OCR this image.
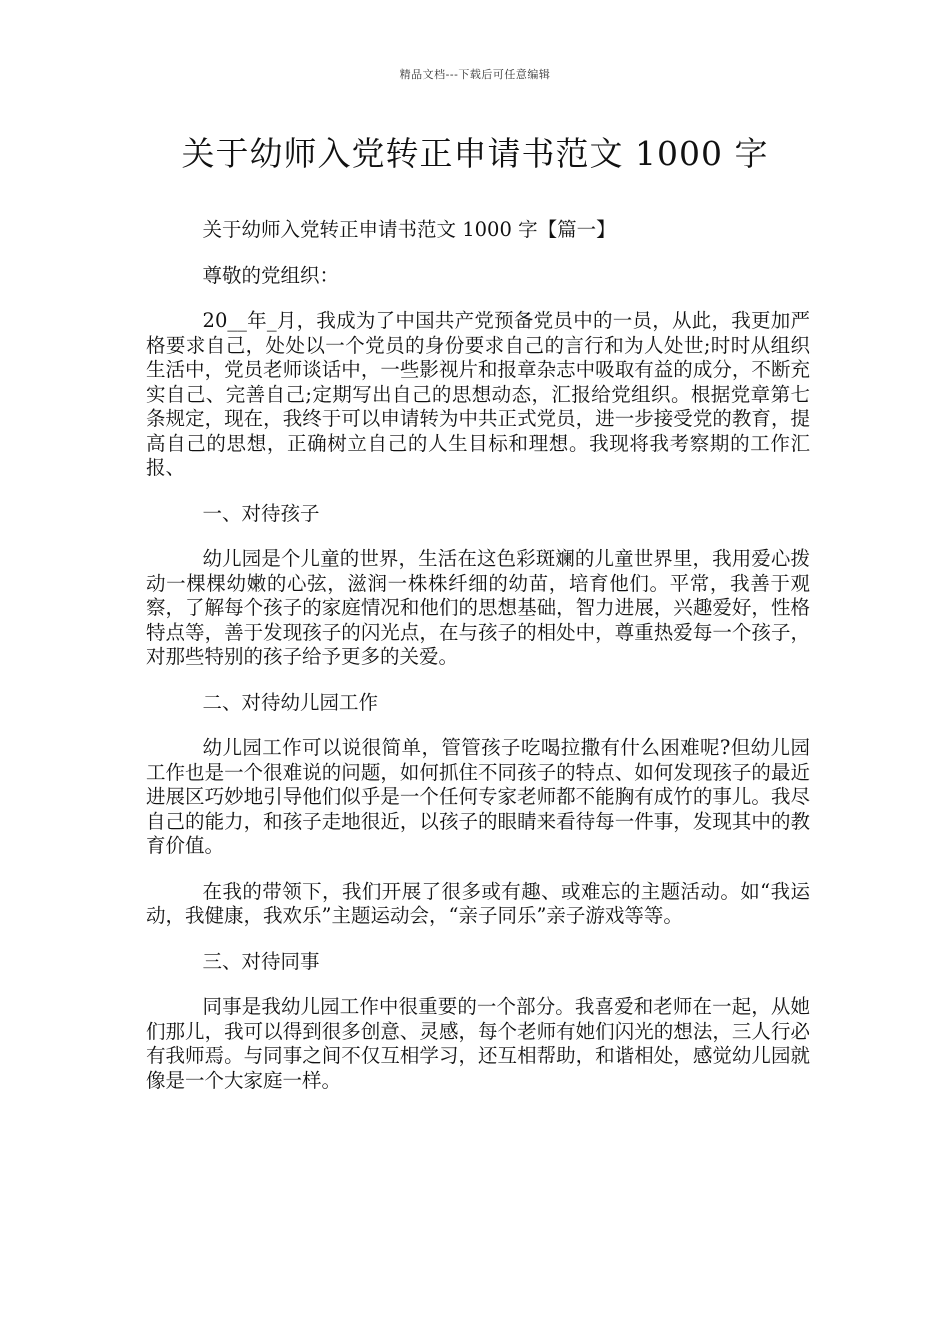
精品文档---下载后可任意编辑
关于幼师入党转正申请书范文 1000 字

关于幼师入党转正申请书范文 1000 字【篇一】

尊敬的党组织：

20__年_月，我成为了中国共产党预备党员中的一员，从此，我更加严格要求自己，处处以一个党员的身份要求自己的言行和为人处世;时时从组织生活中，党员老师谈话中，一些影视片和报章杂志中吸取有益的成分，不断充实自己、完善自己;定期写出自己的思想动态，汇报给党组织。根据党章第七条规定，现在，我终于可以申请转为中共正式党员，进一步接受党的教育，提高自己的思想，正确树立自己的人生目标和理想。我现将我考察期的工作汇报、

一、对待孩子

幼儿园是个儿童的世界，生活在这色彩斑斓的儿童世界里，我用爱心拨动一棵棵幼嫩的心弦，滋润一株株纤细的幼苗，培育他们。平常，我善于观察，了解每个孩子的家庭情况和他们的思想基础，智力进展，兴趣爱好，性格特点等，善于发现孩子的闪光点，在与孩子的相处中，尊重热爱每一个孩子，对那些特别的孩子给予更多的关爱。

二、对待幼儿园工作

幼儿园工作可以说很简单，管管孩子吃喝拉撒有什么困难呢?但幼儿园工作也是一个很难说的问题，如何抓住不同孩子的特点、如何发现孩子的最近进展区巧妙地引导他们似乎是一个任何专家老师都不能胸有成竹的事儿。我尽自己的能力，和孩子走地很近，以孩子的眼睛来看待每一件事，发现其中的教育价值。

在我的带领下，我们开展了很多或有趣、或难忘的主题活动。如“我运动，我健康，我欢乐”主题运动会，“亲子同乐”亲子游戏等等。

三、对待同事

同事是我幼儿园工作中很重要的一个部分。我喜爱和老师在一起，从她们那儿，我可以得到很多创意、灵感，每个老师有她们闪光的想法，三人行必有我师焉。与同事之间不仅互相学习，还互相帮助，和谐相处，感觉幼儿园就像是一个大家庭一样。
